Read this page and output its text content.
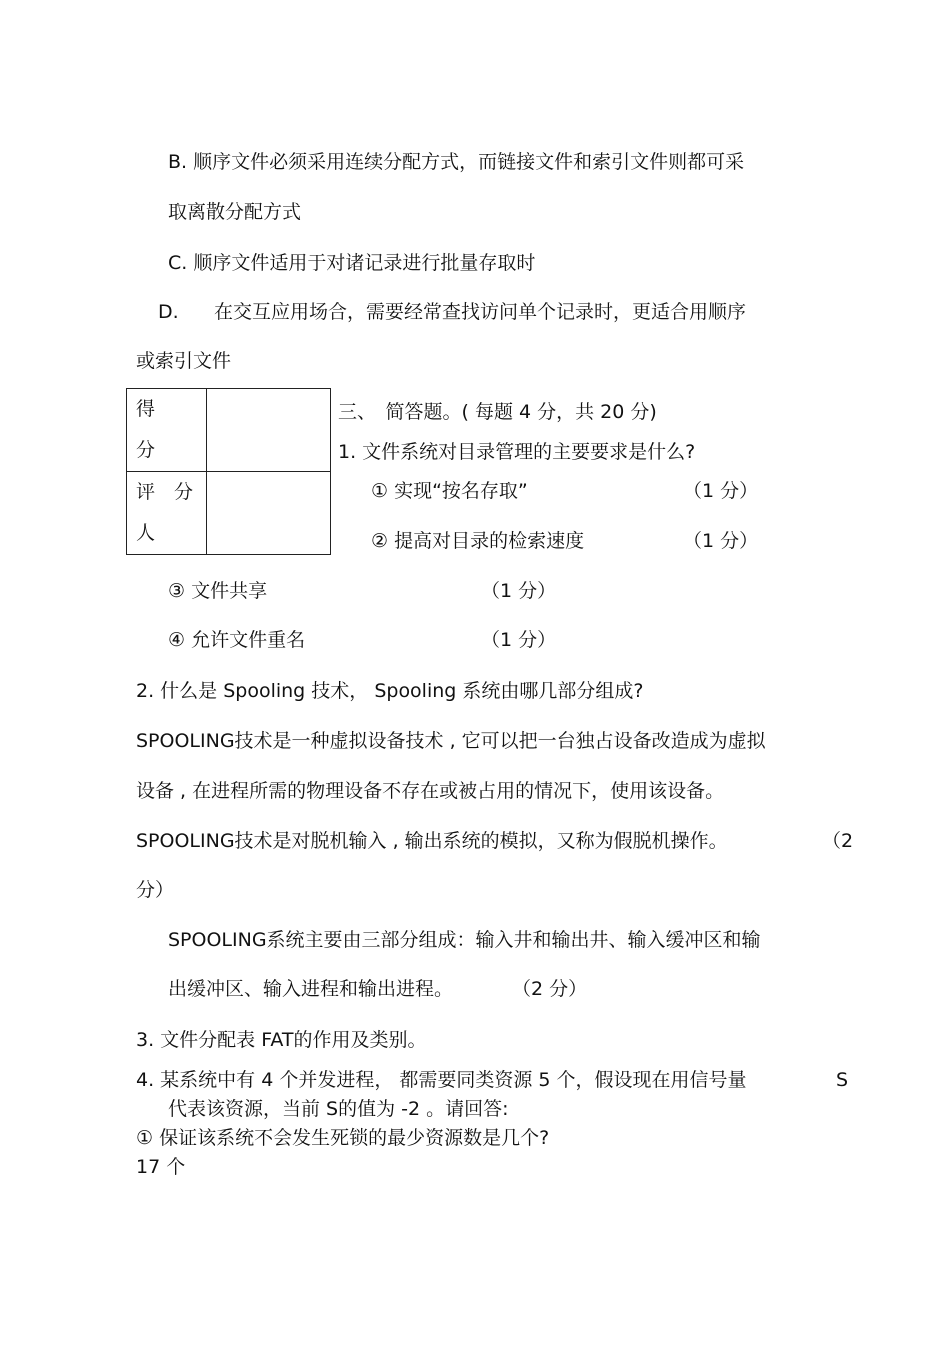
B. 顺序文件必须采用连续分配方式，而链接文件和索引文件则都可采
取离散分配方式
C. 顺序文件适用于对诸记录进行批量存取时
D. 在交互应用场合，需要经常查找访问单个记录时，更适合用顺序
或索引文件
得
分	

评　分
人	

三、　简答题。( 每题 4 分，共 20 分)
1. 文件系统对目录管理的主要要求是什么?
① 实现“按名存取”	（1 分）
② 提高对目录的检索速度	（1 分）
③ 文件共享	（1 分）
④ 允许文件重名	（1 分）
2. 什么是 Spooling 技术， Spooling 系统由哪几部分组成?
SPOOLING技术是一种虚拟设备技术 , 它可以把一台独占设备改造成为虚拟
设备 , 在进程所需的物理设备不存在或被占用的情况下，使用该设备。
SPOOLING技术是对脱机输入 , 输出系统的模拟，又称为假脱机操作。	（2
分）
SPOOLING系统主要由三部分组成：输入井和输出井、输入缓冲区和输
出缓冲区、输入进程和输出进程。	（2 分）
3. 文件分配表 FAT的作用及类别。
4. 某系统中有 4 个并发进程， 都需要同类资源 5 个，假设现在用信号量	S
代表该资源，当前 S的值为 -2 。请回答:
① 保证该系统不会发生死锁的最少资源数是几个?
17 个
